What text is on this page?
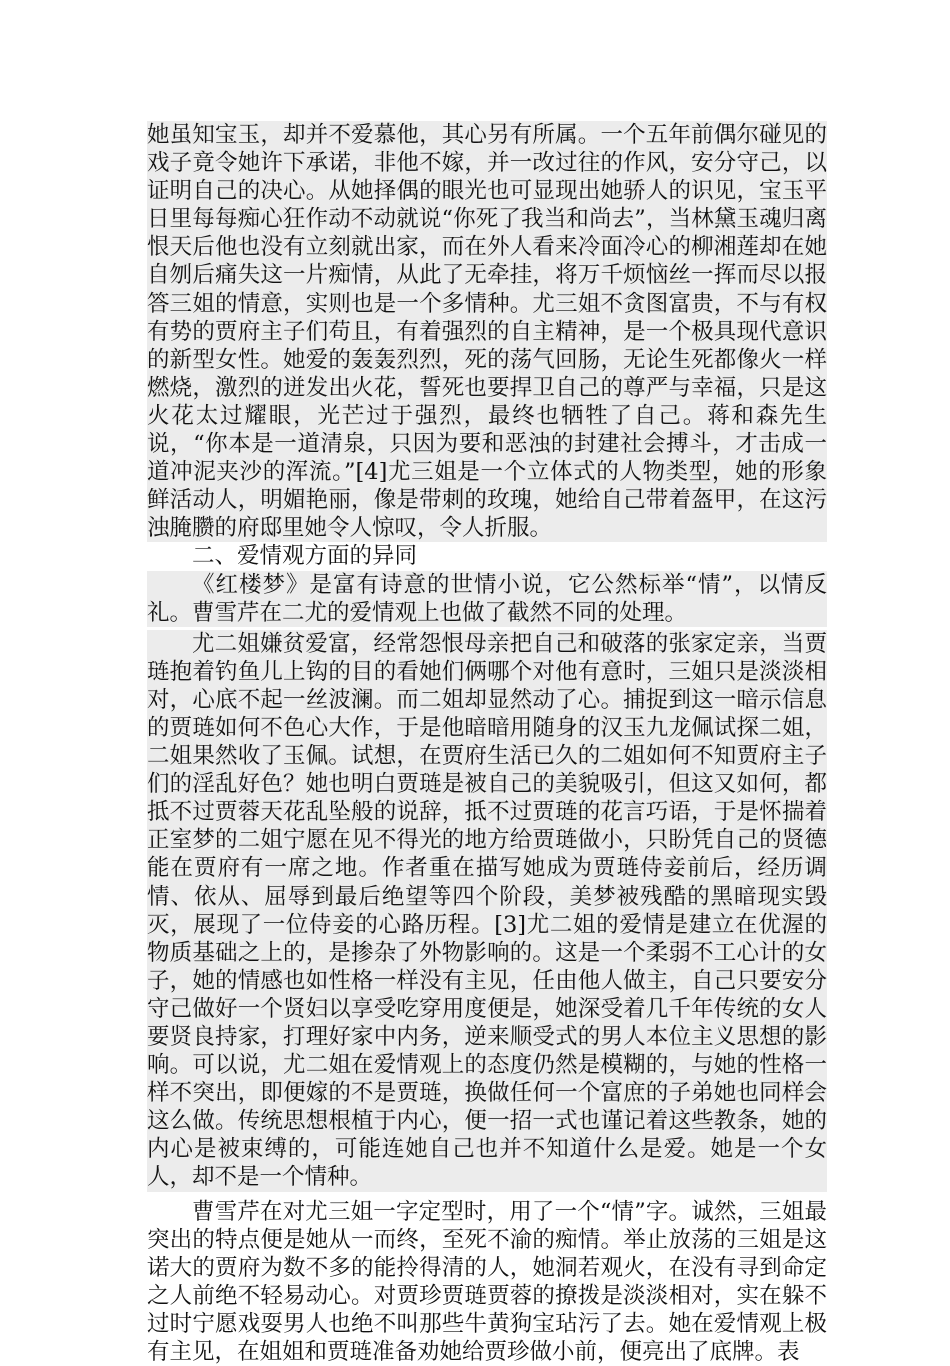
她虽知宝玉，却并不爱慕他，其心另有所属。一个五年前偶尔碰见的戏子竟令她许下承诺，非他不嫁，并一改过往的作风，安分守己，以证明自己的决心。从她择偶的眼光也可显现出她骄人的识见，宝玉平日里每每痴心狂作动不动就说“你死了我当和尚去”，当林黛玉魂归离恨天后他也没有立刻就出家，而在外人看来冷面冷心的柳湘莲却在她自刎后痛失这一片痴情，从此了无牵挂，将万千烦恼丝一挥而尽以报答三姐的情意，实则也是一个多情种。尤三姐不贪图富贵，不与有权有势的贾府主子们苟且，有着强烈的自主精神，是一个极具现代意识的新型女性。她爱的轰轰烈烈，死的荡气回肠，无论生死都像火一样燃烧，激烈的迸发出火花，誓死也要捍卫自己的尊严与幸福，只是这火花太过耀眼，光芒过于强烈，最终也牺牲了自己。蒋和森先生说，“你本是一道清泉，只因为要和恶浊的封建社会搏斗，才击成一道冲泥夹沙的浑流。”[4]尤三姐是一个立体式的人物类型，她的形象鲜活动人，明媚艳丽，像是带刺的玫瑰，她给自己带着盔甲，在这污浊腌臜的府邸里她令人惊叹，令人折服。

二、爱情观方面的异同

《红楼梦》是富有诗意的世情小说，它公然标举“情”，以情反礼。曹雪芹在二尤的爱情观上也做了截然不同的处理。

尤二姐嫌贫爱富，经常怨恨母亲把自己和破落的张家定亲，当贾琏抱着钓鱼儿上钩的目的看她们俩哪个对他有意时，三姐只是淡淡相对，心底不起一丝波澜。而二姐却显然动了心。捕捉到这一暗示信息的贾琏如何不色心大作，于是他暗暗用随身的汉玉九龙佩试探二姐，二姐果然收了玉佩。试想，在贾府生活已久的二姐如何不知贾府主子们的淫乱好色？她也明白贾琏是被自己的美貌吸引，但这又如何，都抵不过贾蓉天花乱坠般的说辞，抵不过贾琏的花言巧语，于是怀揣着正室梦的二姐宁愿在见不得光的地方给贾琏做小，只盼凭自己的贤德能在贾府有一席之地。作者重在描写她成为贾琏侍妾前后，经历调情、依从、屈辱到最后绝望等四个阶段，美梦被残酷的黑暗现实毁灭，展现了一位侍妾的心路历程。[3]尤二姐的爱情是建立在优渥的物质基础之上的，是掺杂了外物影响的。这是一个柔弱不工心计的女子，她的情感也如性格一样没有主见，任由他人做主，自己只要安分守己做好一个贤妇以享受吃穿用度便是，她深受着几千年传统的女人要贤良持家，打理好家中内务，逆来顺受式的男人本位主义思想的影响。可以说，尤二姐在爱情观上的态度仍然是模糊的，与她的性格一样不突出，即便嫁的不是贾琏，换做任何一个富庶的子弟她也同样会这么做。传统思想根植于内心，便一招一式也谨记着这些教条，她的内心是被束缚的，可能连她自己也并不知道什么是爱。她是一个女人，却不是一个情种。

曹雪芹在对尤三姐一字定型时，用了一个“情”字。诚然，三姐最突出的特点便是她从一而终，至死不渝的痴情。举止放荡的三姐是这诺大的贾府为数不多的能拎得清的人，她洞若观火，在没有寻到命定之人前绝不轻易动心。对贾珍贾琏贾蓉的撩拨是淡淡相对，实在躲不过时宁愿戏耍男人也绝不叫那些牛黄狗宝玷污了去。她在爱情观上极有主见，在姐姐和贾琏准备劝她给贾珍做小前，便亮出了底牌。表
